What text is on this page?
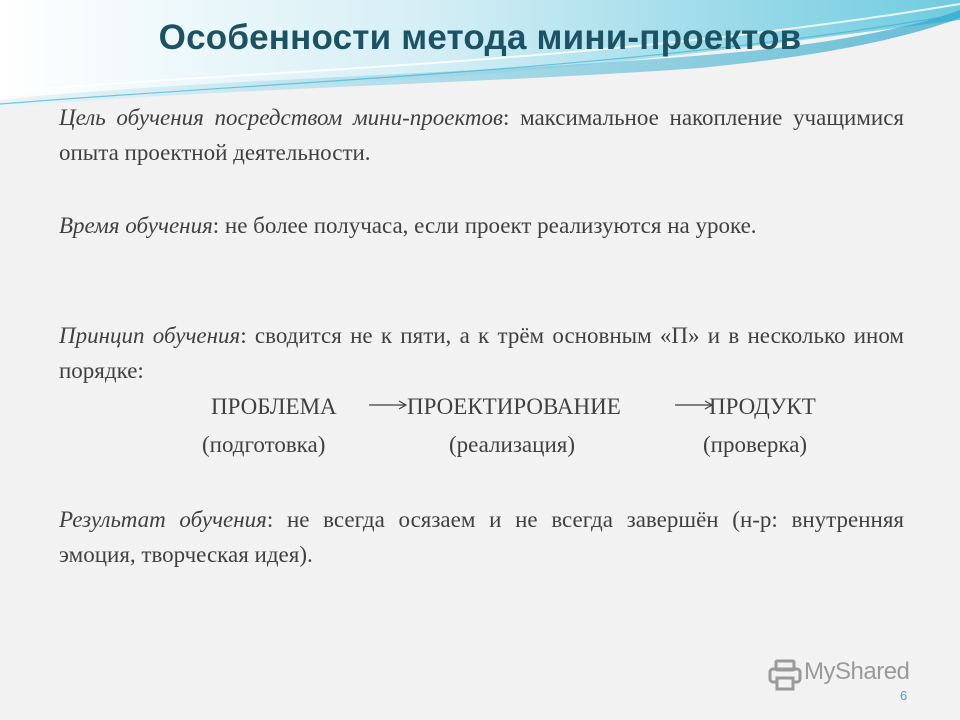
Особенности метода мини-проектов

Цель обучения посредством мини-проектов: максимальное накопление учащимися опыта проектной деятельности.

Время обучения: не более получаса, если проект реализуются на уроке.

Принцип обучения: сводится не к пяти, а к трём основным «П» и в несколько ином порядке:

ПРОБЛЕМА	ПРОЕКТИРОВАНИЕ	ПРОДУКТ
(подготовка)	(реализация)	(проверка)

Результат обучения: не всегда осязаем и не всегда завершён (н-р: внутренняя эмоция, творческая идея).

MyShared
6
